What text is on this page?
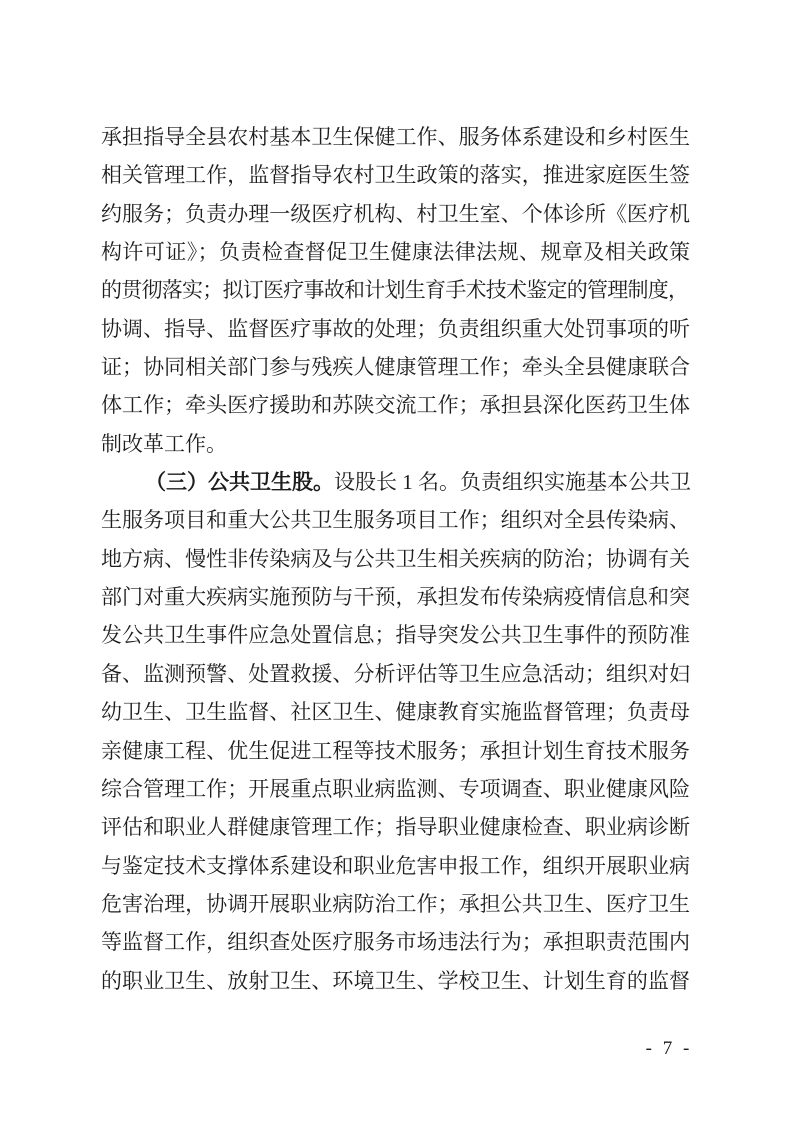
承担指导全县农村基本卫生保健工作、服务体系建设和乡村医生
相关管理工作，监督指导农村卫生政策的落实，推进家庭医生签
约服务；负责办理一级医疗机构、村卫生室、个体诊所《医疗机
构许可证》；负责检查督促卫生健康法律法规、规章及相关政策
的贯彻落实；拟订医疗事故和计划生育手术技术鉴定的管理制度，
协调、指导、监督医疗事故的处理；负责组织重大处罚事项的听
证；协同相关部门参与残疾人健康管理工作；牵头全县健康联合
体工作；牵头医疗援助和苏陕交流工作；承担县深化医药卫生体
制改革工作。
（三）公共卫生股。设股长 1 名。负责组织实施基本公共卫
生服务项目和重大公共卫生服务项目工作；组织对全县传染病、
地方病、慢性非传染病及与公共卫生相关疾病的防治；协调有关
部门对重大疾病实施预防与干预，承担发布传染病疫情信息和突
发公共卫生事件应急处置信息；指导突发公共卫生事件的预防准
备、监测预警、处置救援、分析评估等卫生应急活动；组织对妇
幼卫生、卫生监督、社区卫生、健康教育实施监督管理；负责母
亲健康工程、优生促进工程等技术服务；承担计划生育技术服务
综合管理工作；开展重点职业病监测、专项调查、职业健康风险
评估和职业人群健康管理工作；指导职业健康检查、职业病诊断
与鉴定技术支撑体系建设和职业危害申报工作，组织开展职业病
危害治理，协调开展职业病防治工作；承担公共卫生、医疗卫生
等监督工作，组织查处医疗服务市场违法行为；承担职责范围内
的职业卫生、放射卫生、环境卫生、学校卫生、计划生育的监督
- 7 -
